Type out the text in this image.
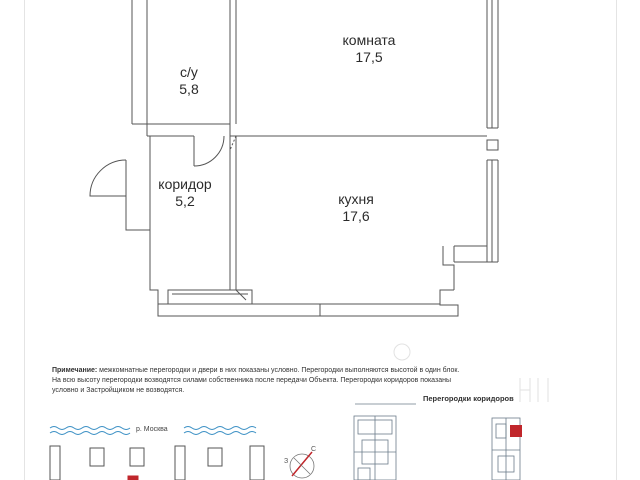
комната
17,5
с/у
5,8
коридор
5,2	кухня
17,6
Примечание: межкомнатные перегородки и двери в них показаны условно. Перегородки выполняются высотой в один блок.
На всю высоту перегородки возводятся силами собственника после передачи Объекта. Перегородки коридоров показаны
условно и Застройщиком не возводятся.
Перегородки коридоров
р. Москва
С
З
